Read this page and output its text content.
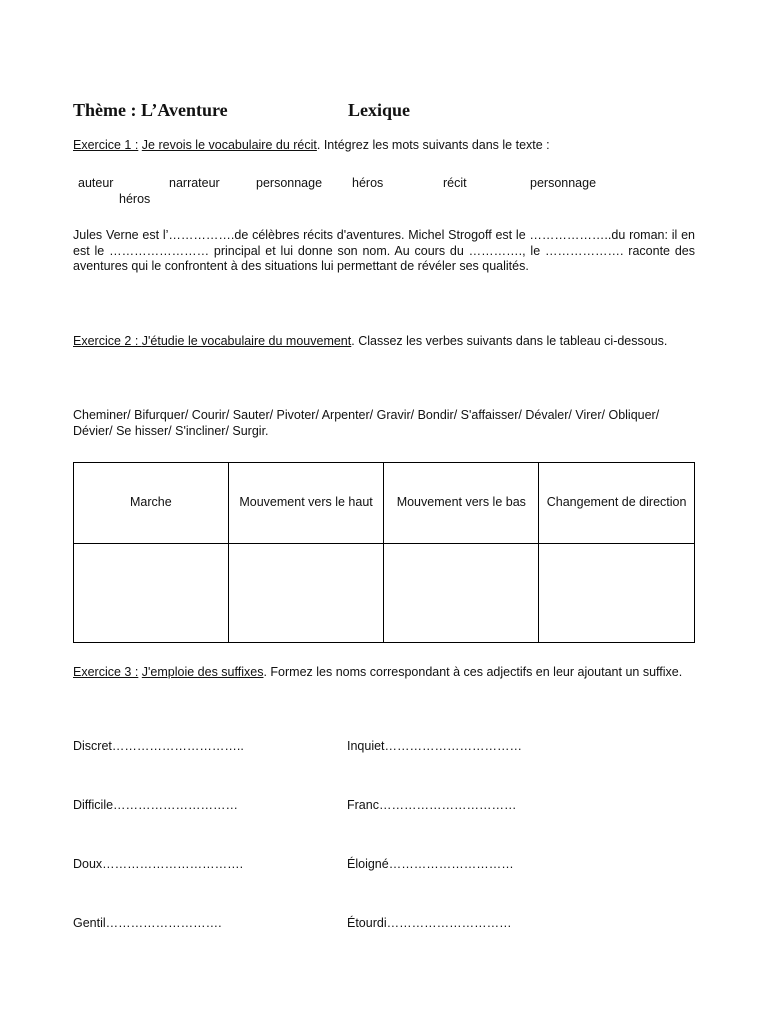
Thème : L’Aventure	Lexique
Exercice 1 : Je revois le vocabulaire du récit. Intégrez les mots suivants dans le texte :
auteur	narrateur	personnage héros	récit	personnage
héros
Jules Verne est l’…………….de célèbres récits d'aventures. Michel Strogoff est le ………………..du roman: il en est le …………………… principal et lui donne son nom. Au cours du …………., le ………………. raconte des aventures qui le confrontent à des situations lui permettant de révéler ses qualités.
Exercice 2 : J'étudie le vocabulaire du mouvement. Classez les verbes suivants dans le tableau ci-dessous.
Cheminer/ Bifurquer/ Courir/ Sauter/ Pivoter/ Arpenter/ Gravir/ Bondir/ S'affaisser/ Dévaler/ Virer/ Obliquer/ Dévier/ Se hisser/ S'incliner/ Surgir.
Marche	Mouvement vers le haut	Mouvement vers le bas	Changement de direction

Exercice 3 : J'emploie des suffixes. Formez les noms correspondant à ces adjectifs en leur ajoutant un suffixe.
Discret…………………………..	Inquiet……………………………
Difficile…………………………	Franc……………………………
Doux…………………………….	Éloigné…………………………
Gentil……………………….	Étourdi…………………………
